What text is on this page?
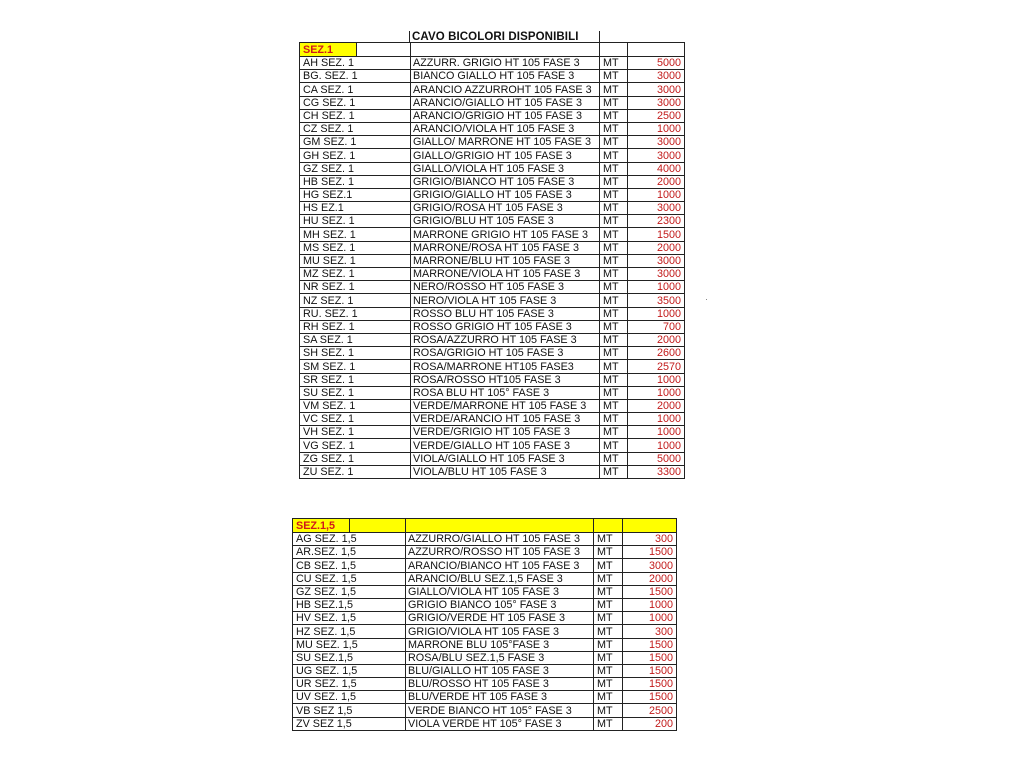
CAVO BICOLORI DISPONIBILI
SEZ.1				
AH SEZ. 1		AZZURR. GRIGIO HT 105 FASE 3	MT	5000
BG. SEZ. 1		BIANCO GIALLO HT 105 FASE 3	MT	3000
CA SEZ. 1		ARANCIO AZZURROHT 105 FASE 3	MT	3000
CG SEZ. 1		ARANCIO/GIALLO HT 105 FASE 3	MT	3000
CH SEZ. 1		ARANCIO/GRIGIO HT 105 FASE 3	MT	2500
CZ SEZ. 1		ARANCIO/VIOLA HT 105 FASE 3	MT	1000
GM SEZ. 1		GIALLO/ MARRONE HT 105 FASE 3	MT	3000
GH SEZ. 1		GIALLO/GRIGIO HT 105 FASE 3	MT	3000
GZ SEZ. 1		GIALLO/VIOLA HT 105 FASE 3	MT	4000
HB SEZ. 1		GRIGIO/BIANCO HT 105 FASE 3	MT	2000
HG SEZ.1		GRIGIO/GIALLO HT 105 FASE 3	MT	1000
HS EZ.1		GRIGIO/ROSA HT 105 FASE 3	MT	3000
HU SEZ. 1		GRIGIO/BLU HT 105 FASE 3	MT	2300
MH SEZ. 1		MARRONE GRIGIO HT 105 FASE 3	MT	1500
MS SEZ. 1		MARRONE/ROSA HT 105 FASE 3	MT	2000
MU SEZ. 1		MARRONE/BLU HT 105 FASE 3	MT	3000
MZ SEZ. 1		MARRONE/VIOLA HT 105 FASE 3	MT	3000
NR SEZ. 1		NERO/ROSSO HT 105 FASE 3	MT	1000
NZ SEZ. 1		NERO/VIOLA HT 105 FASE 3	MT	3500
RU. SEZ. 1		ROSSO BLU HT 105 FASE 3	MT	1000
RH SEZ. 1		ROSSO GRIGIO HT 105 FASE 3	MT	700
SA SEZ. 1		ROSA/AZZURRO HT 105 FASE 3	MT	2000
SH SEZ. 1		ROSA/GRIGIO HT 105 FASE 3	MT	2600
SM SEZ. 1		ROSA/MARRONE HT105 FASE3	MT	2570
SR SEZ. 1		ROSA/ROSSO HT105 FASE 3	MT	1000
SU SEZ. 1		ROSA BLU HT 105° FASE 3	MT	1000
VM SEZ. 1		VERDE/MARRONE HT 105 FASE 3	MT	2000
VC SEZ. 1		VERDE/ARANCIO HT 105 FASE 3	MT	1000
VH SEZ. 1		VERDE/GRIGIO HT 105 FASE 3	MT	1000
VG SEZ. 1		VERDE/GIALLO HT 105 FASE 3	MT	1000
ZG SEZ. 1		VIOLA/GIALLO HT 105 FASE 3	MT	5000
ZU SEZ. 1		VIOLA/BLU HT 105 FASE 3	MT	3300
SEZ.1,5				
AG SEZ. 1,5		AZZURRO/GIALLO HT 105 FASE 3	MT	300
AR.SEZ. 1,5		AZZURRO/ROSSO HT 105 FASE 3	MT	1500
CB SEZ. 1,5		ARANCIO/BIANCO HT 105 FASE 3	MT	3000
CU SEZ. 1,5		ARANCIO/BLU SEZ.1,5 FASE 3	MT	2000
GZ SEZ. 1,5		GIALLO/VIOLA HT 105 FASE 3	MT	1500
HB SEZ.1,5		GRIGIO BIANCO 105° FASE 3	MT	1000
HV SEZ. 1,5		GRIGIO/VERDE HT 105 FASE 3	MT	1000
HZ SEZ. 1,5		GRIGIO/VIOLA HT 105 FASE 3	MT	300
MU SEZ. 1,5		MARRONE BLU 105°FASE 3	MT	1500
SU SEZ.1,5		ROSA/BLU SEZ.1,5 FASE 3	MT	1500
UG SEZ. 1,5		BLU/GIALLO HT 105 FASE 3	MT	1500
UR SEZ. 1,5		BLU/ROSSO HT 105 FASE 3	MT	1500
UV SEZ. 1,5		BLU/VERDE HT 105 FASE 3	MT	1500
VB SEZ 1,5		VERDE BIANCO HT 105° FASE 3	MT	2500
ZV SEZ 1,5		VIOLA VERDE HT 105° FASE 3	MT	200
